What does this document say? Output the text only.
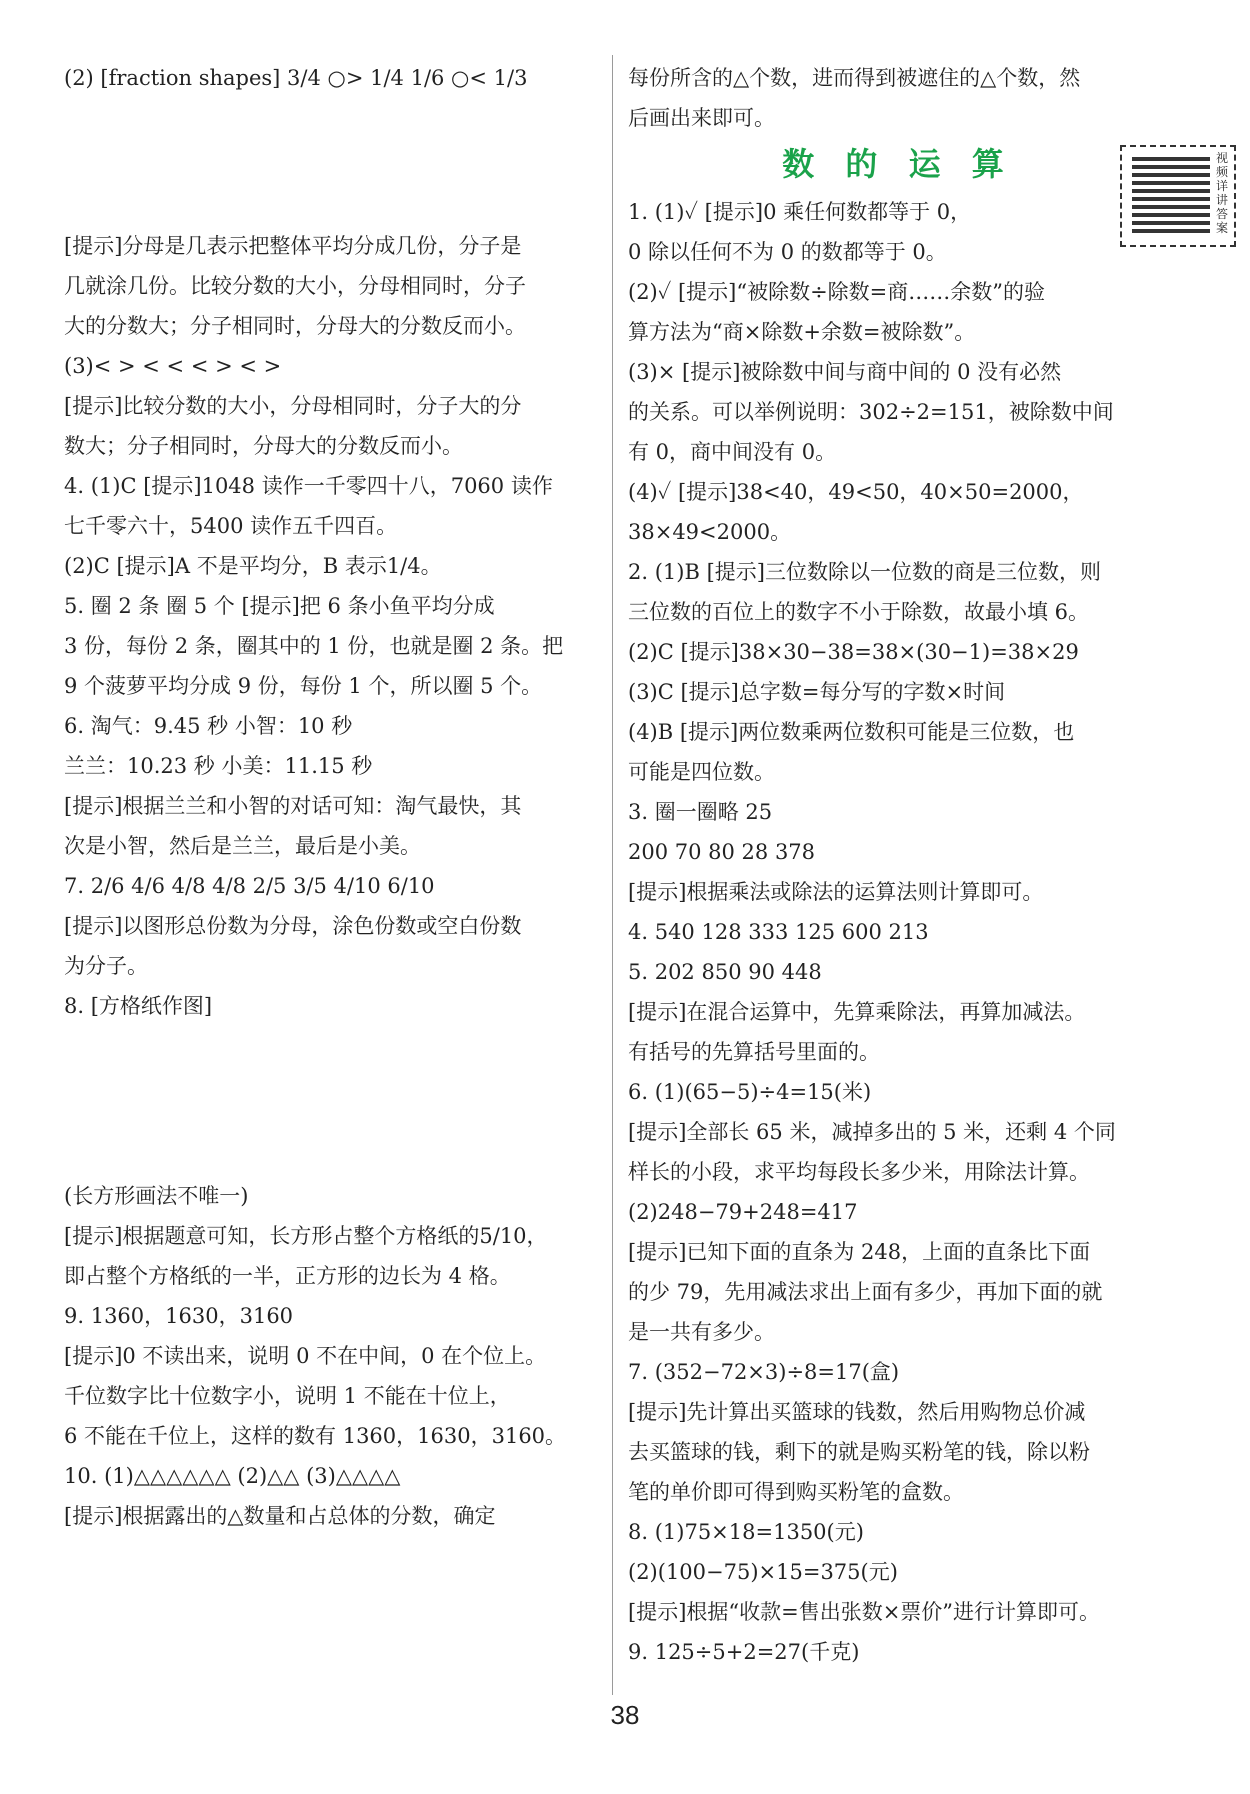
(2) [fraction shapes] 3/4 ○> 1/4 1/6 ○< 1/3

[提示]分母是几表示把整体平均分成几份，分子是

几就涂几份。比较分数的大小，分母相同时，分子

大的分数大；分子相同时，分母大的分数反而小。

(3)< > < < < > < >

[提示]比较分数的大小，分母相同时，分子大的分

数大；分子相同时，分母大的分数反而小。

4. (1)C [提示]1048 读作一千零四十八，7060 读作

七千零六十，5400 读作五千四百。

(2)C [提示]A 不是平均分，B 表示1/4。

5. 圈 2 条 圈 5 个 [提示]把 6 条小鱼平均分成

3 份，每份 2 条，圈其中的 1 份，也就是圈 2 条。把

9 个菠萝平均分成 9 份，每份 1 个，所以圈 5 个。

6. 淘气：9.45 秒 小智：10 秒

兰兰：10.23 秒 小美：11.15 秒

[提示]根据兰兰和小智的对话可知：淘气最快，其

次是小智，然后是兰兰，最后是小美。

7. 2/6 4/6 4/8 4/8 2/5 3/5 4/10 6/10

[提示]以图形总份数为分母，涂色份数或空白份数

为分子。

8. [方格纸作图]

(长方形画法不唯一)

[提示]根据题意可知，长方形占整个方格纸的5/10，

即占整个方格纸的一半，正方形的边长为 4 格。

9. 1360，1630，3160

[提示]0 不读出来，说明 0 不在中间，0 在个位上。

千位数字比十位数字小，说明 1 不能在十位上，

6 不能在千位上，这样的数有 1360，1630，3160。

10. (1)△△△△△△ (2)△△ (3)△△△△

[提示]根据露出的△数量和占总体的分数，确定

每份所含的△个数，进而得到被遮住的△个数，然

后画出来即可。

数 的 运 算

1. (1)✓ [提示]0 乘任何数都等于 0，

0 除以任何不为 0 的数都等于 0。

(2)✓ [提示]“被除数÷除数=商……余数”的验

算方法为“商×除数+余数=被除数”。

(3)× [提示]被除数中间与商中间的 0 没有必然

的关系。可以举例说明：302÷2=151，被除数中间

有 0，商中间没有 0。

(4)✓ [提示]38<40，49<50，40×50=2000，

38×49<2000。

2. (1)B [提示]三位数除以一位数的商是三位数，则

三位数的百位上的数字不小于除数，故最小填 6。

(2)C [提示]38×30−38=38×(30−1)=38×29

(3)C [提示]总字数=每分写的字数×时间

(4)B [提示]两位数乘两位数积可能是三位数，也

可能是四位数。

3. 圈一圈略 25

200 70 80 28 378

[提示]根据乘法或除法的运算法则计算即可。

4. 540 128 333 125 600 213

5. 202 850 90 448

[提示]在混合运算中，先算乘除法，再算加减法。

有括号的先算括号里面的。

6. (1)(65−5)÷4=15(米)

[提示]全部长 65 米，减掉多出的 5 米，还剩 4 个同

样长的小段，求平均每段长多少米，用除法计算。

(2)248−79+248=417

[提示]已知下面的直条为 248，上面的直条比下面

的少 79，先用减法求出上面有多少，再加下面的就

是一共有多少。

7. (352−72×3)÷8=17(盒)

[提示]先计算出买篮球的钱数，然后用购物总价减

去买篮球的钱，剩下的就是购买粉笔的钱，除以粉

笔的单价即可得到购买粉笔的盒数。

8. (1)75×18=1350(元)

(2)(100−75)×15=375(元)

[提示]根据“收款=售出张数×票价”进行计算即可。

9. 125÷5+2=27(千克)

视频详讲答案
38
